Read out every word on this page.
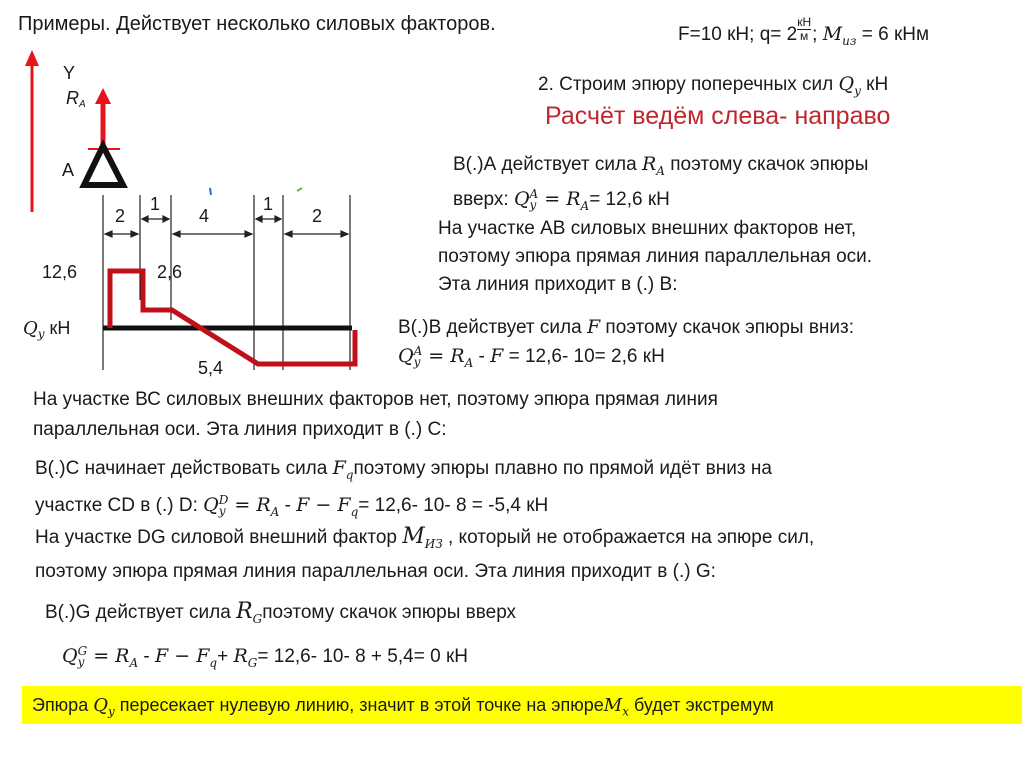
Y
RA
A
2
1
4
1
2
12,6	2,6
5,4
$Q_y$ кН
Примеры. Действует несколько силовых факторов.	F=10 кН; q= 2
кН
м ; $M_{из} = 6$ кНм
2. Строим эпюру поперечных сил $Q_y$ кН
Расчёт ведём слева- направо
В(.)А действует сила $R_A$ поэтому скачок эпюры
вверх: Q A
$y = R_A= 12,6$ кН
На участке АВ силовых внешних факторов нет,
поэтому эпюра прямая линия параллельная оси.
Эта линия приходит в (.) В:
В(.)В действует сила F поэтому скачок эпюры вниз:
Q A
$y = R_A - F = 12,6-$ 10= 2,6 кН
На участке ВС силовых внешних факторов нет, поэтому эпюра прямая линия
параллельная оси. Эта линия приходит в (.) С:
В(.)С начинает действовать сила $F_qпоэтому$ эпюры плавно по прямой идёт вниз на
участке CD в (.) D: Q D
$y = R_A - F - F_q= 12,6-$ 10- 8 = -5,4 кН
На участке DG силовой внешний фактор $M_{ИЗ}$ , который не отображается на эпюре сил,
поэтому эпюра прямая линия параллельная оси. Эта линия приходит в (.) G:
В(.)G действует сила $R_Gпоэтому$ скачок эпюры вверх
Q G
$y = R_A - F - F_q+ R_G= 12,6-$ 10- 8 + 5,4= 0 кН
Эпюра $Q_y$ пересекает нулевую линию, значит в этой точке на эпюреM$_x$ будет экстремум
